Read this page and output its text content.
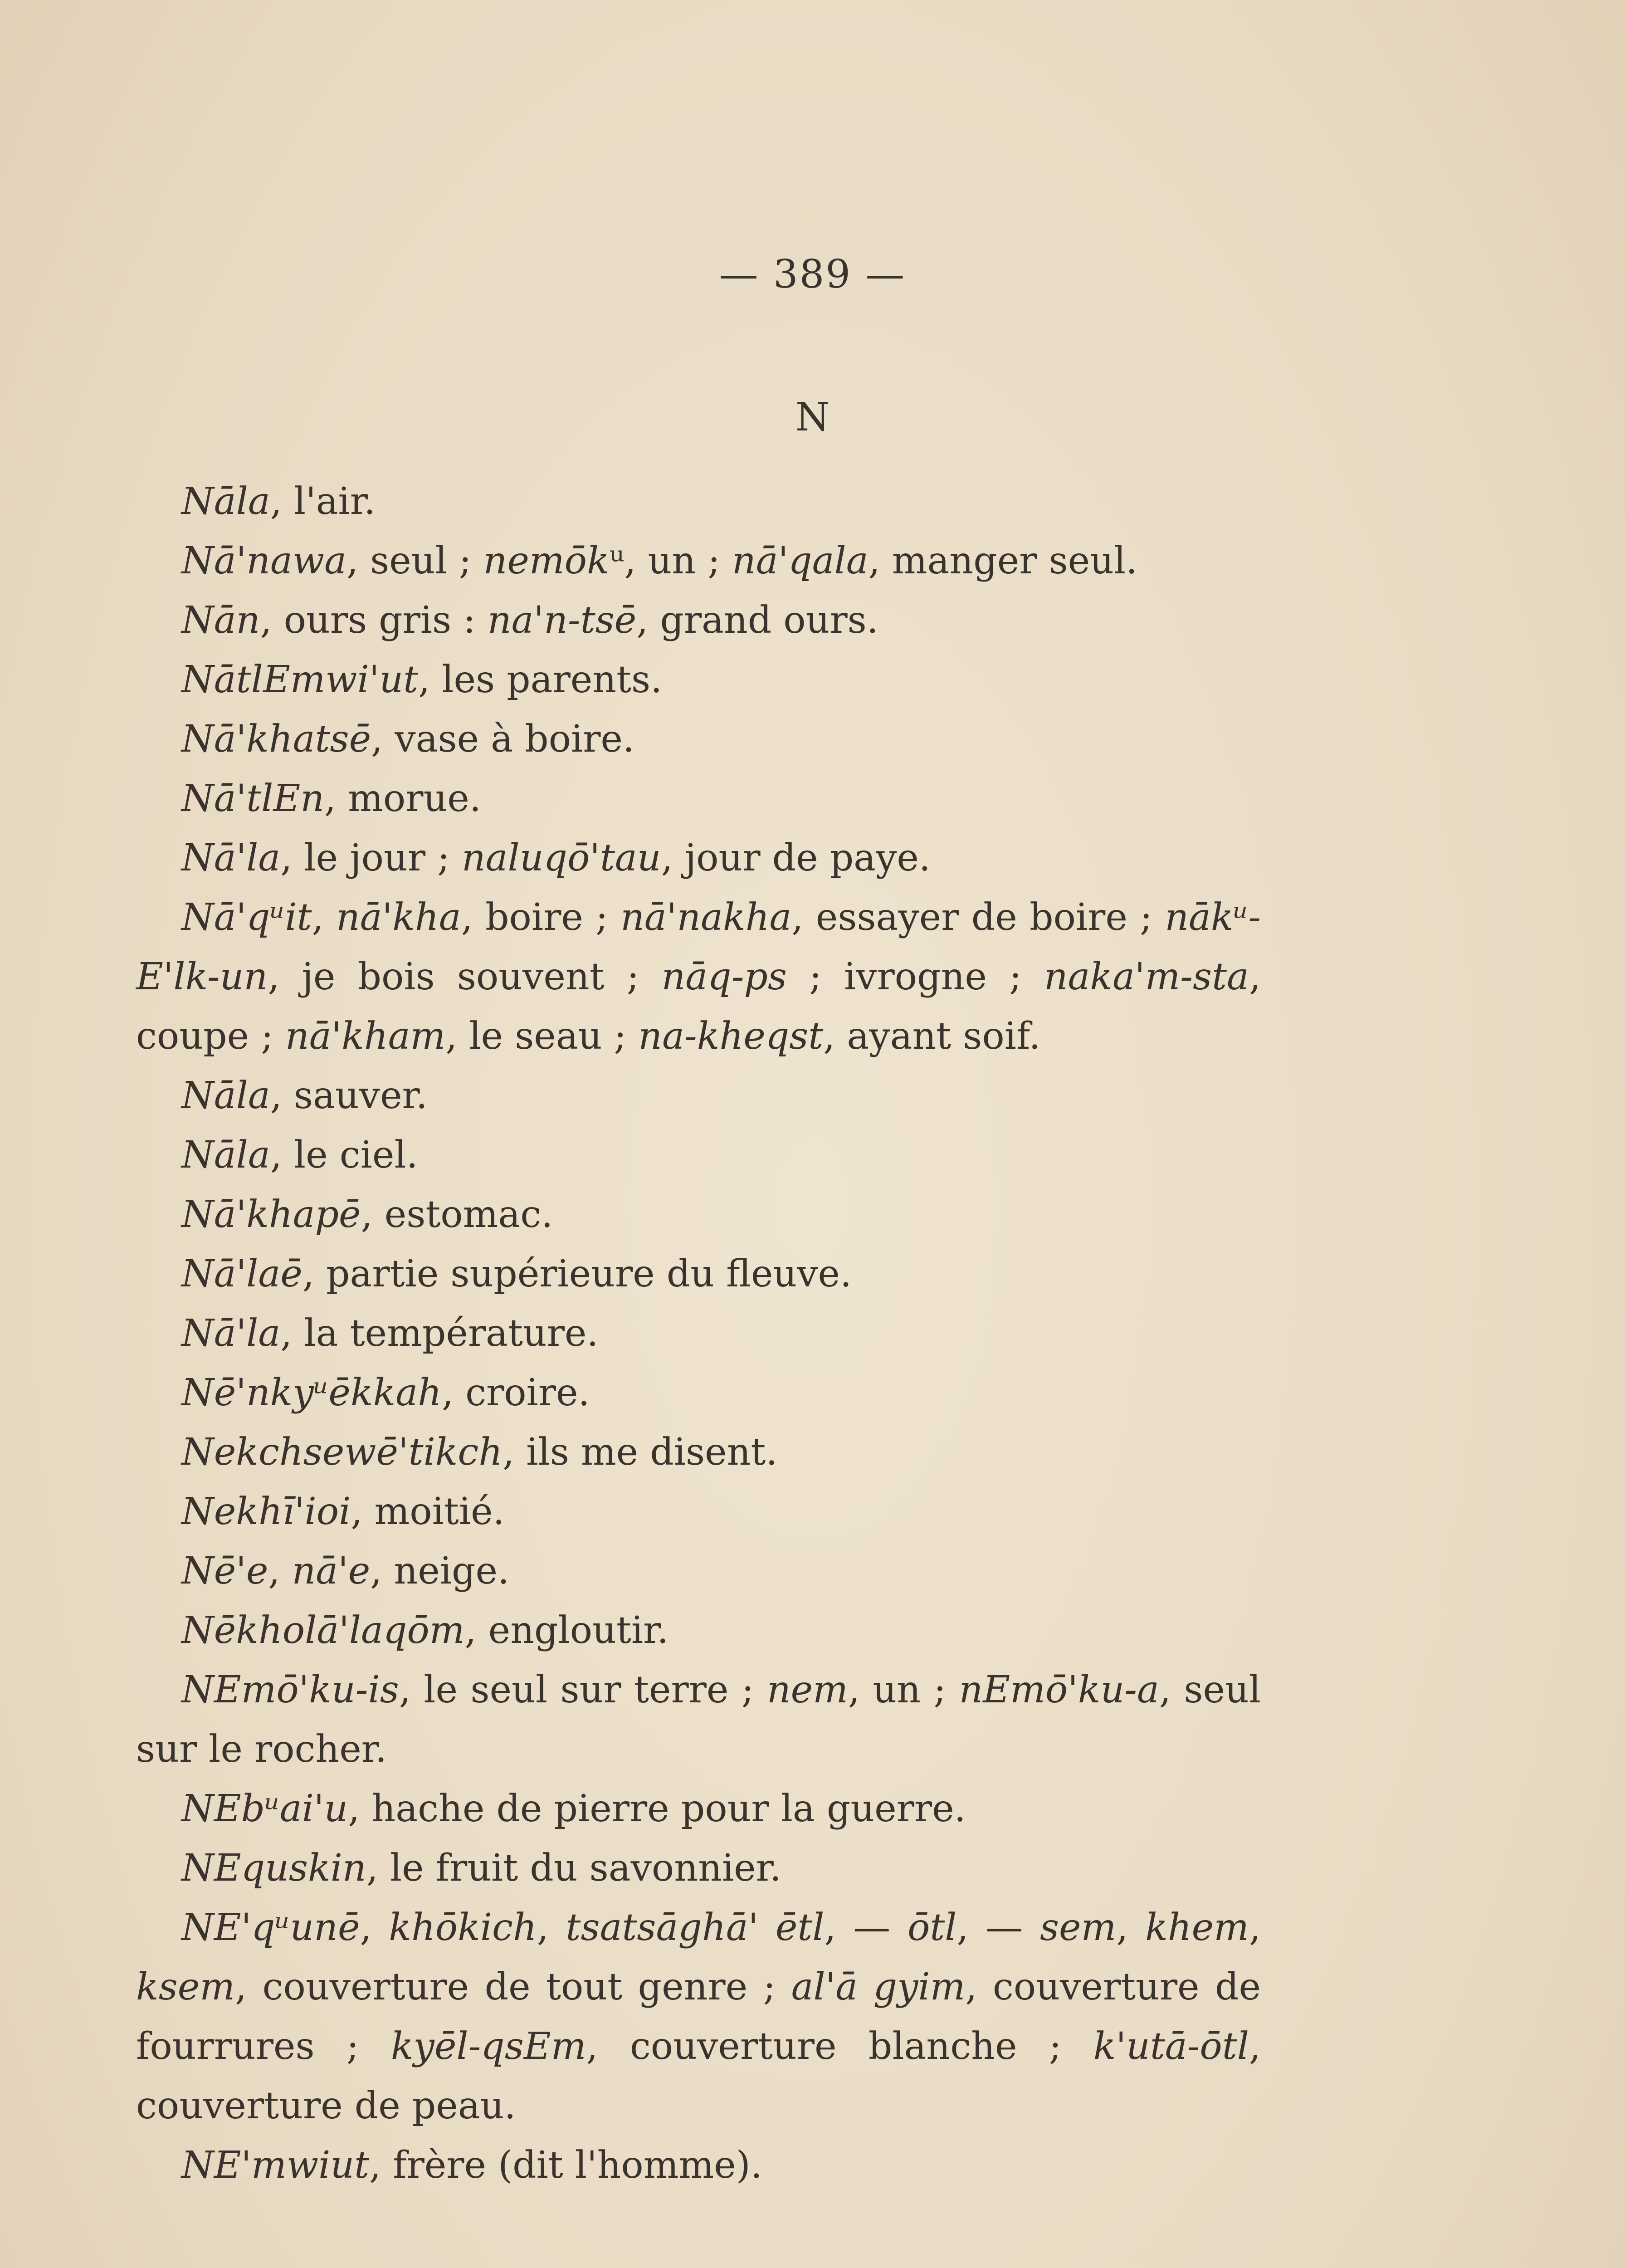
— 389 —
N

Nāla, l'air.

Nā'nawa, seul ; nemōkᵘ, un ; nā'qala, manger seul.

Nān, ours gris : na'n-tsē, grand ours.

NātlEmwi'ut, les parents.

Nā'khatsē, vase à boire.

Nā'tlEn, morue.

Nā'la, le jour ; naluqō'tau, jour de paye.

Nā'qᵘit, nā'kha, boire ; nā'nakha, essayer de boire ; nākᵘ-E'lk-un, je bois souvent ; nāq-ps ; ivrogne ; naka'm-sta, coupe ; nā'kham, le seau ; na-kheqst, ayant soif.

Nāla, sauver.

Nāla, le ciel.

Nā'khapē, estomac.

Nā'laē, partie supérieure du fleuve.

Nā'la, la température.

Nē'nkyᵘēkkah, croire.

Nekchsewē'tikch, ils me disent.

Nekhī'ioi, moitié.

Nē'e, nā'e, neige.

Nēkholā'laqōm, engloutir.

NEmō'ku-is, le seul sur terre ; nem, un ; nEmō'ku-a, seul sur le rocher.

NEbᵘai'u, hache de pierre pour la guerre.

NEquskin, le fruit du savonnier.

NE'qᵘunē, khōkich, tsatsāghā' ētl, — ōtl, — sem, khem, ksem, couverture de tout genre ; al'ā gyim, couverture de fourrures ; kyēl-qsEm, couverture blanche ; k'utā-ōtl, couverture de peau.

NE'mwiut, frère (dit l'homme).
